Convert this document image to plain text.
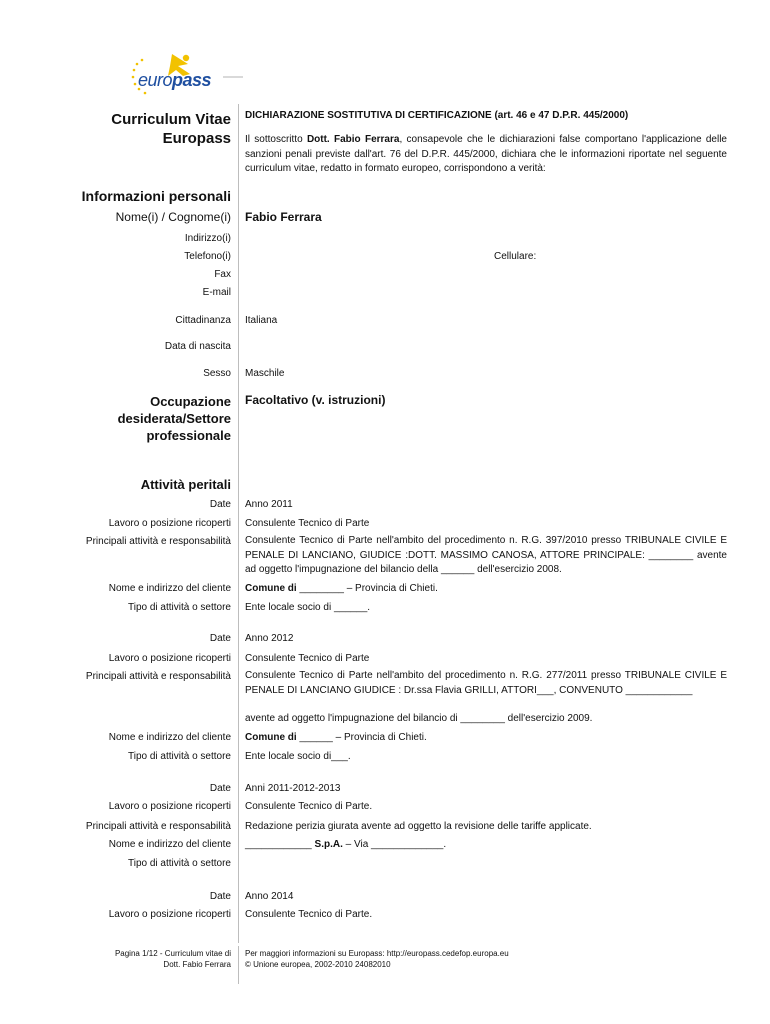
europass
Curriculum Vitae
Europass
DICHIARAZIONE SOSTITUTIVA DI CERTIFICAZIONE (art. 46 e 47 D.P.R. 445/2000)
Il sottoscritto Dott. Fabio Ferrara, consapevole che le dichiarazioni false comportano l'applicazione delle sanzioni penali previste dall'art. 76 del D.P.R. 445/2000, dichiara che le informazioni riportate nel seguente curriculum vitae, redatto in formato europeo, corrispondono a verità:
Informazioni personali
Nome(i) / Cognome(i) Fabio Ferrara
Indirizzo(i)
Telefono(i)	Cellulare:
Fax
E-mail
Cittadinanza Italiana
Data di nascita
Sesso Maschile
Occupazione
desiderata/Settore
professionale
Facoltativo (v. istruzioni)
Attività peritali
Date Anno 2011
Lavoro o posizione ricoperti Consulente Tecnico di Parte
Principali attività e responsabilità Consulente Tecnico di Parte nell'ambito del procedimento n. R.G. 397/2010 presso TRIBUNALE CIVILE E PENALE DI LANCIANO, GIUDICE :DOTT. MASSIMO CANOSA, ATTORE PRINCIPALE: ________ avente ad oggetto l'impugnazione del bilancio della ______ dell'esercizio 2008.
Nome e indirizzo del cliente Comune di ________ – Provincia di Chieti.
Tipo di attività o settore Ente locale socio di ______.
Date Anno 2012
Lavoro o posizione ricoperti Consulente Tecnico di Parte
Principali attività e responsabilità Consulente Tecnico di Parte nell'ambito del procedimento n. R.G. 277/2011 presso TRIBUNALE CIVILE E PENALE DI LANCIANO GIUDICE : Dr.ssa Flavia GRILLI, ATTORI___, CONVENUTO ____________
avente ad oggetto l'impugnazione del bilancio di ________ dell'esercizio 2009.
Nome e indirizzo del cliente Comune di ______ – Provincia di Chieti.
Tipo di attività o settore Ente locale socio di___.
Date Anni 2011-2012-2013
Lavoro o posizione ricoperti Consulente Tecnico di Parte.
Principali attività e responsabilità Redazione perizia giurata avente ad oggetto la revisione delle tariffe applicate.
Nome e indirizzo del cliente ____________ S.p.A. – Via _____________.
Tipo di attività o settore
Date Anno 2014
Lavoro o posizione ricoperti Consulente Tecnico di Parte.
Pagina 1/12 - Curriculum vitae di
Dott. Fabio Ferrara
Per maggiori informazioni su Europass: http://europass.cedefop.europa.eu
© Unione europea, 2002-2010 24082010
